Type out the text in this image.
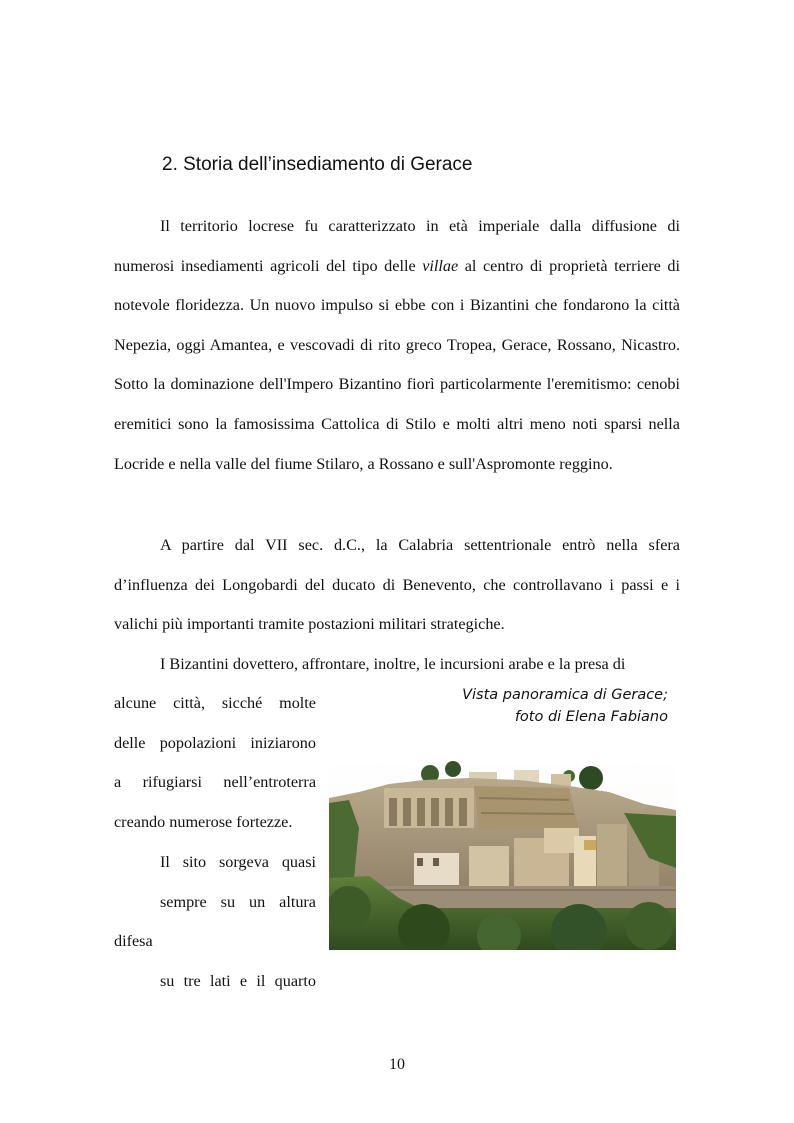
2. Storia dell’insediamento di Gerace

Il territorio locrese fu caratterizzato in età imperiale dalla diffusione di numerosi insediamenti agricoli del tipo delle villae al centro di proprietà terriere di notevole floridezza. Un nuovo impulso si ebbe con i Bizantini che fondarono la città Nepezia, oggi Amantea, e vescovadi di rito greco Tropea, Gerace, Rossano, Nicastro. Sotto la dominazione dell'Impero Bizantino fiorì particolarmente l'eremitismo: cenobi eremitici sono la famosissima Cattolica di Stilo e molti altri meno noti sparsi nella Locride e nella valle del fiume Stilaro, a Rossano e sull'Aspromonte reggino.

A partire dal VII sec. d.C., la Calabria settentrionale entrò nella sfera d’influenza dei Longobardi del ducato di Benevento, che controllavano i passi e i valichi più importanti tramite postazioni militari strategiche.

I Bizantini dovettero, affrontare, inoltre, le incursioni arabe e la presa di

alcune città, sicché molte
delle popolazioni iniziarono
a rifugiarsi nell’entroterra
creando numerose fortezze.
Il sito sorgeva quasi
sempre su un altura difesa
su tre lati e il quarto

Vista panoramica di Gerace;
foto di Elena Fabiano

10
